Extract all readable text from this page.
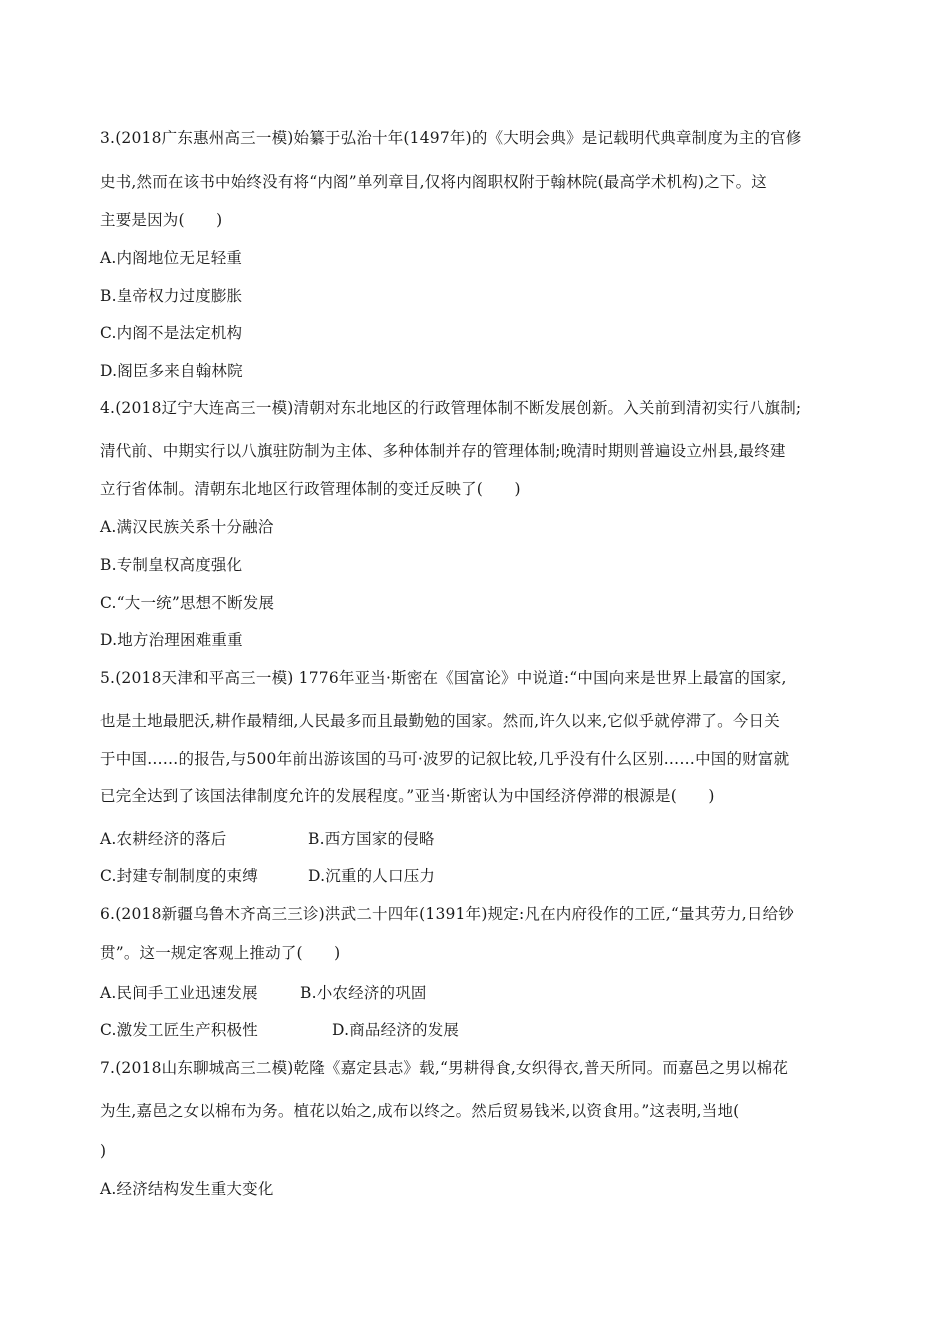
3.(2018广东惠州高三一模)始纂于弘治十年(1497年)的《大明会典》是记载明代典章制度为主的官修
史书,然而在该书中始终没有将“内阁”单列章目,仅将内阁职权附于翰林院(最高学术机构)之下。这
主要是因为(　　)
A.内阁地位无足轻重
B.皇帝权力过度膨胀
C.内阁不是法定机构
D.阁臣多来自翰林院
4.(2018辽宁大连高三一模)清朝对东北地区的行政管理体制不断发展创新。入关前到清初实行八旗制;
清代前、中期实行以八旗驻防制为主体、多种体制并存的管理体制;晚清时期则普遍设立州县,最终建
立行省体制。清朝东北地区行政管理体制的变迁反映了(　　)
A.满汉民族关系十分融洽
B.专制皇权高度强化
C.“大一统”思想不断发展
D.地方治理困难重重
5.(2018天津和平高三一模) 1776年亚当·斯密在《国富论》中说道:“中国向来是世界上最富的国家,
也是土地最肥沃,耕作最精细,人民最多而且最勤勉的国家。然而,许久以来,它似乎就停滞了。今日关
于中国……的报告,与500年前出游该国的马可·波罗的记叙比较,几乎没有什么区别……中国的财富就
已完全达到了该国法律制度允许的发展程度。”亚当·斯密认为中国经济停滞的根源是(　　)
A.农耕经济的落后	B.西方国家的侵略
C.封建专制制度的束缚	D.沉重的人口压力
6.(2018新疆乌鲁木齐高三三诊)洪武二十四年(1391年)规定:凡在内府役作的工匠,“量其劳力,日给钞
贯”。这一规定客观上推动了(　　)
A.民间手工业迅速发展	B.小农经济的巩固
C.激发工匠生产积极性	D.商品经济的发展
7.(2018山东聊城高三二模)乾隆《嘉定县志》载,“男耕得食,女织得衣,普天所同。而嘉邑之男以棉花
为生,嘉邑之女以棉布为务。植花以始之,成布以终之。然后贸易钱米,以资食用。”这表明,当地(
)
A.经济结构发生重大变化
